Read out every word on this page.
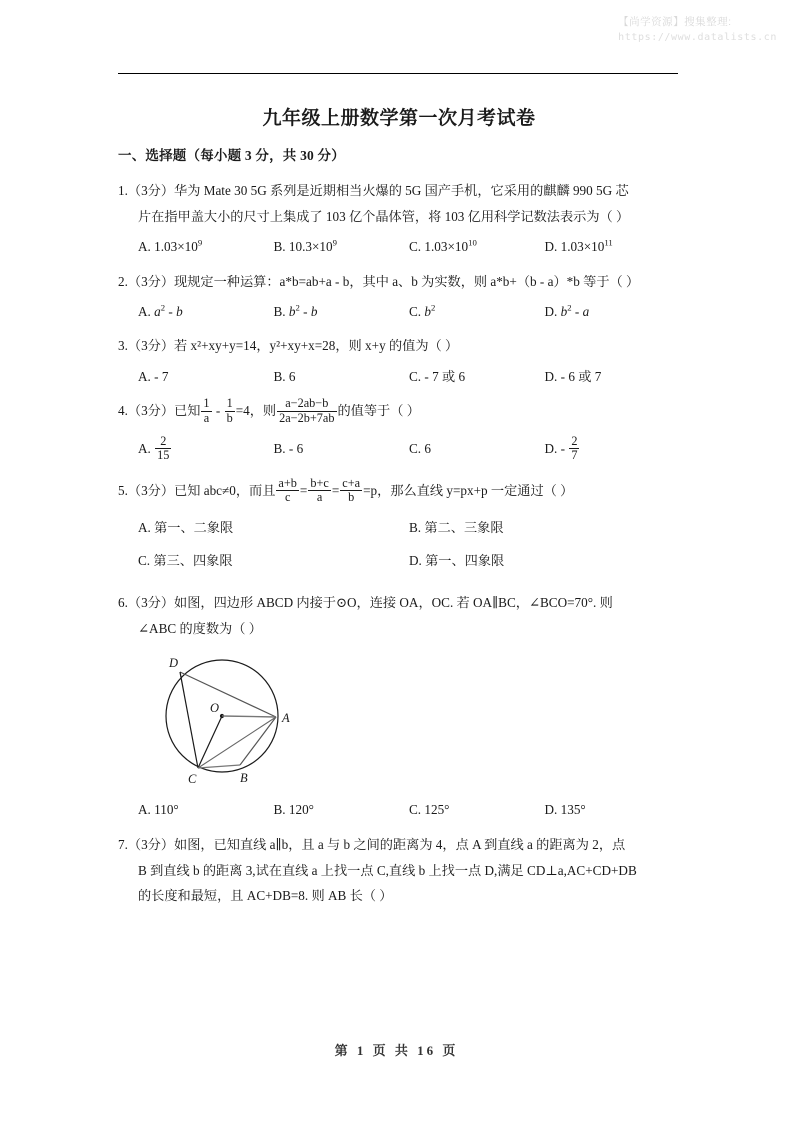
【尚学资源】搜集整理:
https://www.datalists.cn
九年级上册数学第一次月考试卷
一、选择题（每小题 3 分，共 30 分）

1.（3分）华为 Mate 30 5G 系列是近期相当火爆的 5G 国产手机，它采用的麒麟 990 5G 芯

片在指甲盖大小的尺寸上集成了 103 亿个晶体管，将 103 亿用科学记数法表示为（ ）

A. $1.03\times 10^9$	B. $10.3\times 10^9$	C. $1.03\times 10^{10}$	D. $1.03\times 10^{11}$

2.（3分）现规定一种运算：a*b=ab+a - b，其中 a、b 为实数，则 a*b+（b - a）*b 等于（ ）

A. $a^2$ - b	B. $b^2$ - b	C. $b^2$	D. $b^2$ - a

3.（3分）若 x²+xy+y=14，y²+xy+x=28，则 x+y 的值为（ ）

A. - 7	B. 6	C. - 7 或 6	D. - 6 或 7

4.（3分）已知 $\frac{1}{a} - \frac{1}{b} =4$，则 $\frac{a-2ab-b}{2a-2b+7ab}$ 的值等于（ ）

A. $\frac{2}{15}$	B. - 6	C. 6	D. - $\frac{2}{7}$

5.（3分）已知 abc≠0，而且 $\frac{a+b}{c} = \frac{b+c}{a} = \frac{c+a}{b} =p$，那么直线 y=px+p 一定通过（ ）

A. 第一、二象限	B. 第二、三象限
C. 第三、四象限	D. 第一、四象限

6.（3分）如图，四边形 ABCD 内接于⊙O，连接 OA，OC. 若 OA∥BC，∠BCO=70°. 则

∠ABC 的度数为（ ）

D
A
C	B
O
A. 110°	B. 120°	C. 125°	D. 135°

7.（3分）如图，已知直线 a∥b，且 a 与 b 之间的距离为 4，点 A 到直线 a 的距离为 2，点

B 到直线 b 的距离 3,试在直线 a 上找一点 C,直线 b 上找一点 D,满足 CD⊥a,AC+CD+DB

的长度和最短，且 AC+DB=8. 则 AB 长（ ）

第 1 页 共 16 页
